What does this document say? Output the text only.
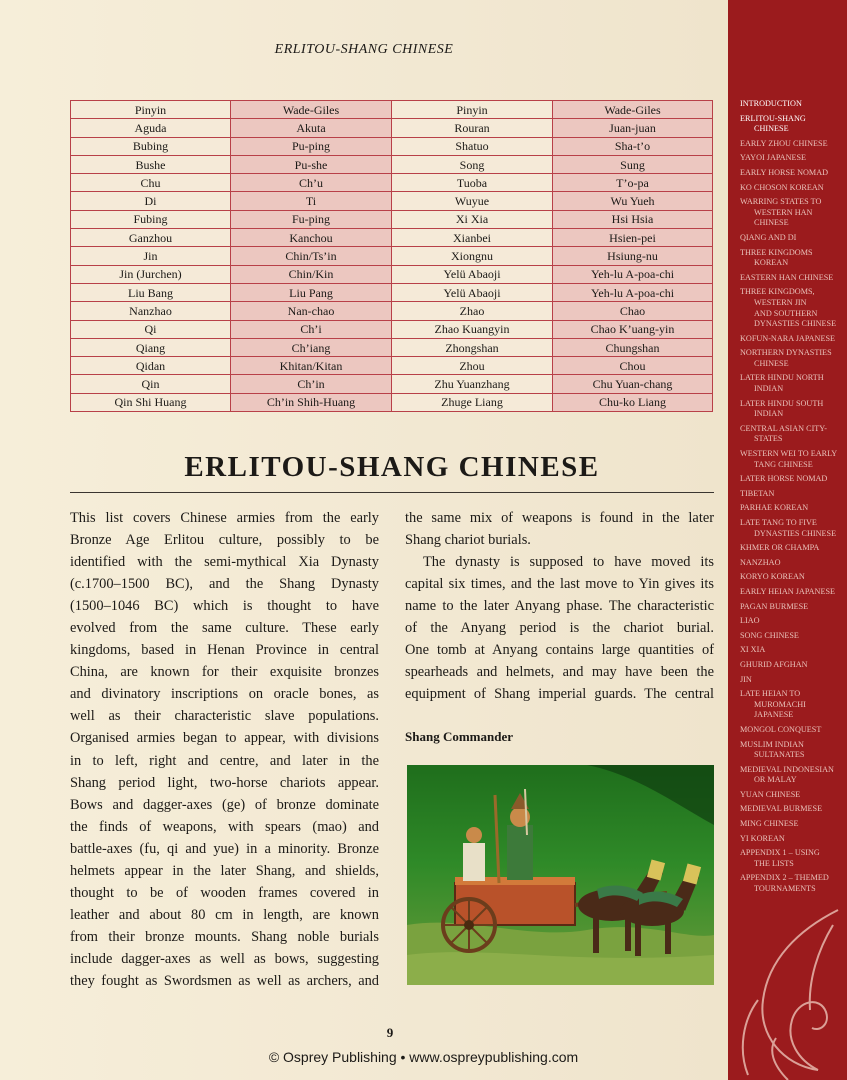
ERLITOU-SHANG CHINESE
Pinyin	Wade-Giles	Pinyin	Wade-Giles
Aguda	Akuta	Rouran	Juan-juan
Bubing	Pu-ping	Shatuo	Sha-t’o
Bushe	Pu-she	Song	Sung
Chu	Ch’u	Tuoba	T’o-pa
Di	Ti	Wuyue	Wu Yueh
Fubing	Fu-ping	Xi Xia	Hsi Hsia
Ganzhou	Kanchou	Xianbei	Hsien-pei
Jin	Chin/Ts’in	Xiongnu	Hsiung-nu
Jin (Jurchen)	Chin/Kin	Yelü Abaoji	Yeh-lu A-poa-chi
Liu Bang	Liu Pang	Yelü Abaoji	Yeh-lu A-poa-chi
Nanzhao	Nan-chao	Zhao	Chao
Qi	Ch’i	Zhao Kuangyin	Chao K’uang-yin
Qiang	Ch’iang	Zhongshan	Chungshan
Qidan	Khitan/Kitan	Zhou	Chou
Qin	Ch’in	Zhu Yuanzhang	Chu Yuan-chang
Qin Shi Huang	Ch’in Shih-Huang	Zhuge Liang	Chu-ko Liang
ERLITOU-SHANG CHINESE
This list covers Chinese armies from the early
Bronze Age Erlitou culture, possibly to be
identified with the semi-mythical Xia Dynasty
(c.1700–1500 BC), and the Shang Dynasty
(1500–1046 BC) which is thought to have
evolved from the same culture. These early
kingdoms, based in Henan Province in central
China, are known for their exquisite bronzes
and divinatory inscriptions on oracle bones, as
well as their characteristic slave populations.
Organised armies began to appear, with divisions
in to left, right and centre, and later in the
Shang period light, two-horse chariots appear.
Bows and dagger-axes (ge) of bronze dominate
the finds of weapons, with spears (mao) and
battle-axes (fu, qi and yue) in a minority. Bronze
helmets appear in the later Shang, and shields,
thought to be of wooden frames covered in
leather and about 80 cm in length, are known
from their bronze mounts. Shang noble burials
include dagger-axes as well as bows, suggesting
they fought as Swordsmen as well as archers, and
the same mix of weapons is found in the later
Shang chariot burials.
The dynasty is supposed to have moved its
capital six times, and the last move to Yin gives its
name to the later Anyang phase. The characteristic
of the Anyang period is the chariot burial.
One tomb at Anyang contains large quantities of
spearheads and helmets, and may have been the
equipment of Shang imperial guards. The central
Shang Commander
9
© Osprey Publishing • www.ospreypublishing.com
INTRODUCTION
ERLITOU-SHANG
CHINESE
EARLY ZHOU CHINESE
YAYOI JAPANESE
EARLY HORSE NOMAD
KO CHOSON KOREAN
WARRING STATES TO
WESTERN HAN
CHINESE
QIANG AND DI
THREE KINGDOMS
KOREAN
EASTERN HAN CHINESE
THREE KINGDOMS,
WESTERN JIN
AND SOUTHERN
DYNASTIES CHINESE
KOFUN-NARA JAPANESE
NORTHERN DYNASTIES
CHINESE
LATER HINDU NORTH
INDIAN
LATER HINDU SOUTH
INDIAN
CENTRAL ASIAN CITY-
STATES
WESTERN WEI TO EARLY
TANG CHINESE
LATER HORSE NOMAD
TIBETAN
PARHAE KOREAN
LATE TANG TO FIVE
DYNASTIES CHINESE
KHMER OR CHAMPA
NANZHAO
KORYO KOREAN
EARLY HEIAN JAPANESE
PAGAN BURMESE
LIAO
SONG CHINESE
XI XIA
GHURID AFGHAN
JIN
LATE HEIAN TO
MUROMACHI
JAPANESE
MONGOL CONQUEST
MUSLIM INDIAN
SULTANATES
MEDIEVAL INDONESIAN
OR MALAY
YUAN CHINESE
MEDIEVAL BURMESE
MING CHINESE
YI KOREAN
APPENDIX 1 – USING
THE LISTS
APPENDIX 2 – THEMED
TOURNAMENTS
